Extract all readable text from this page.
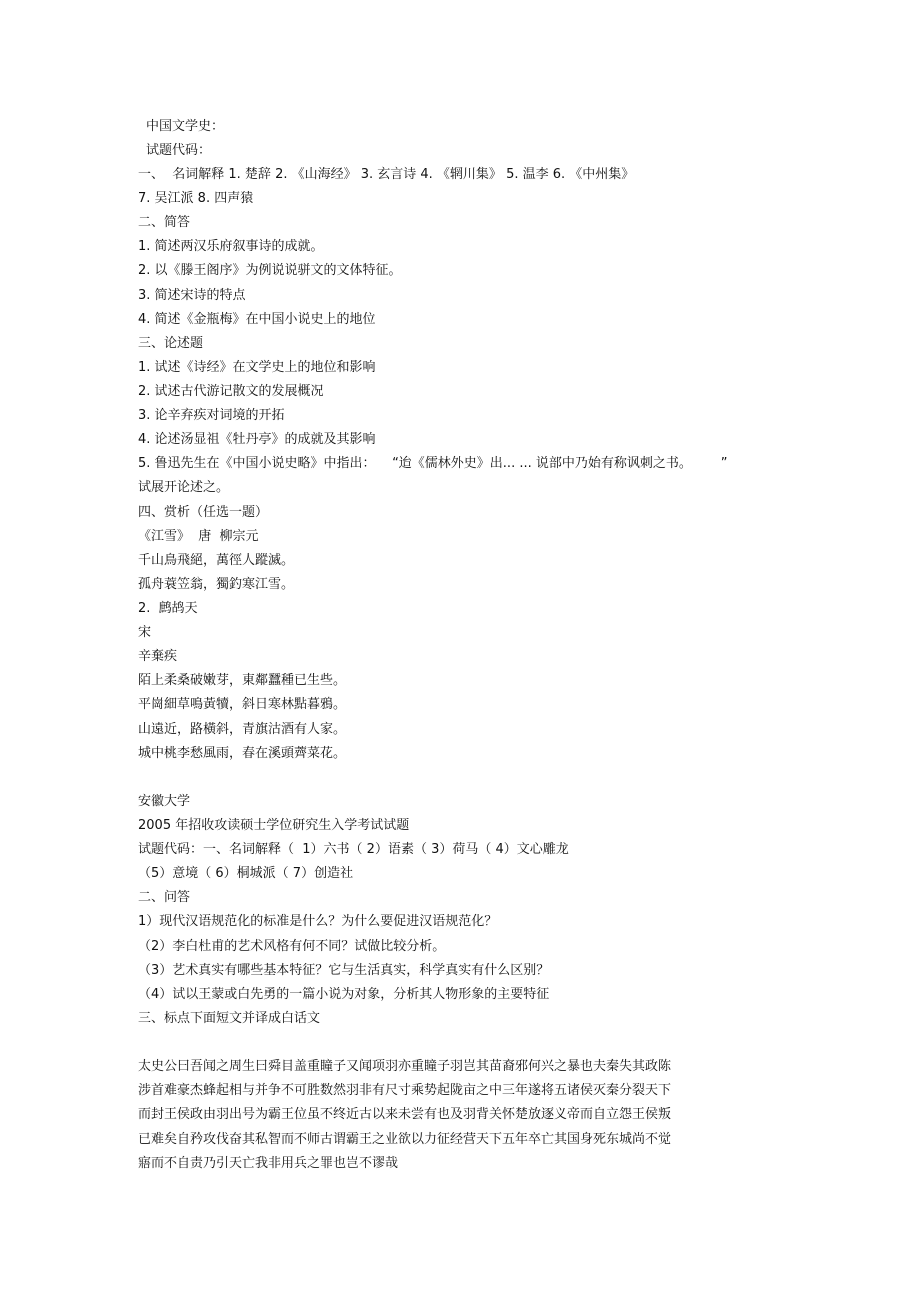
中国文学史：
试题代码：
一、  名词解释 1. 楚辞 2. 《山海经》 3. 玄言诗 4. 《辋川集》 5. 温李 6. 《中州集》
7. 吴江派 8. 四声猿
二、简答
1. 简述两汉乐府叙事诗的成就。
2. 以《滕王阁序》为例说说骈文的文体特征。
3. 简述宋诗的特点
4. 简述《金瓶梅》在中国小说史上的地位
三、论述题
1. 试述《诗经》在文学史上的地位和影响
2. 试述古代游记散文的发展概况
3. 论辛弃疾对词境的开拓
4. 论述汤显祖《牡丹亭》的成就及其影响
5. 鲁迅先生在《中国小说史略》中指出：    “迨《儒林外史》出... ... 说部中乃始有称讽刺之书。       ”
试展开论述之。
四、赏析（任选一题）
《江雪》  唐  柳宗元
千山鳥飛絕，萬徑人蹤滅。
孤舟蓑笠翁，獨釣寒江雪。
2.  鹧鸪天
宋
辛棄疾
陌上柔桑破嫩芽，東鄰蠶種已生些。
平崗細草鳴黃犢，斜日寒林點暮鴉。
山遠近，路橫斜，青旗沽酒有人家。
城中桃李愁風雨，春在溪頭薺菜花。
安徽大学
2005 年招收攻读硕士学位研究生入学考试试题
试题代码：一、名词解释（  1）六书（ 2）语素（ 3）荷马（ 4）文心雕龙
（5）意境（ 6）桐城派（ 7）创造社
二、问答
1）现代汉语规范化的标准是什么？为什么要促进汉语规范化？
（2）李白杜甫的艺术风格有何不同？试做比较分析。
（3）艺术真实有哪些基本特征？它与生活真实，科学真实有什么区别？
（4）试以王蒙或白先勇的一篇小说为对象，分析其人物形象的主要特征
三、标点下面短文并译成白话文
太史公曰吾闻之周生曰舜目盖重瞳子又闻项羽亦重瞳子羽岂其苗裔邪何兴之暴也夫秦失其政陈
涉首难豪杰蜂起相与并争不可胜数然羽非有尺寸乘势起陇亩之中三年遂将五诸侯灭秦分裂天下
而封王侯政由羽出号为霸王位虽不终近古以来未尝有也及羽背关怀楚放逐义帝而自立怨王侯叛
已难矣自矜攻伐奋其私智而不师古谓霸王之业欲以力征经营天下五年卒亡其国身死东城尚不觉
寤而不自责乃引天亡我非用兵之罪也岂不谬哉
